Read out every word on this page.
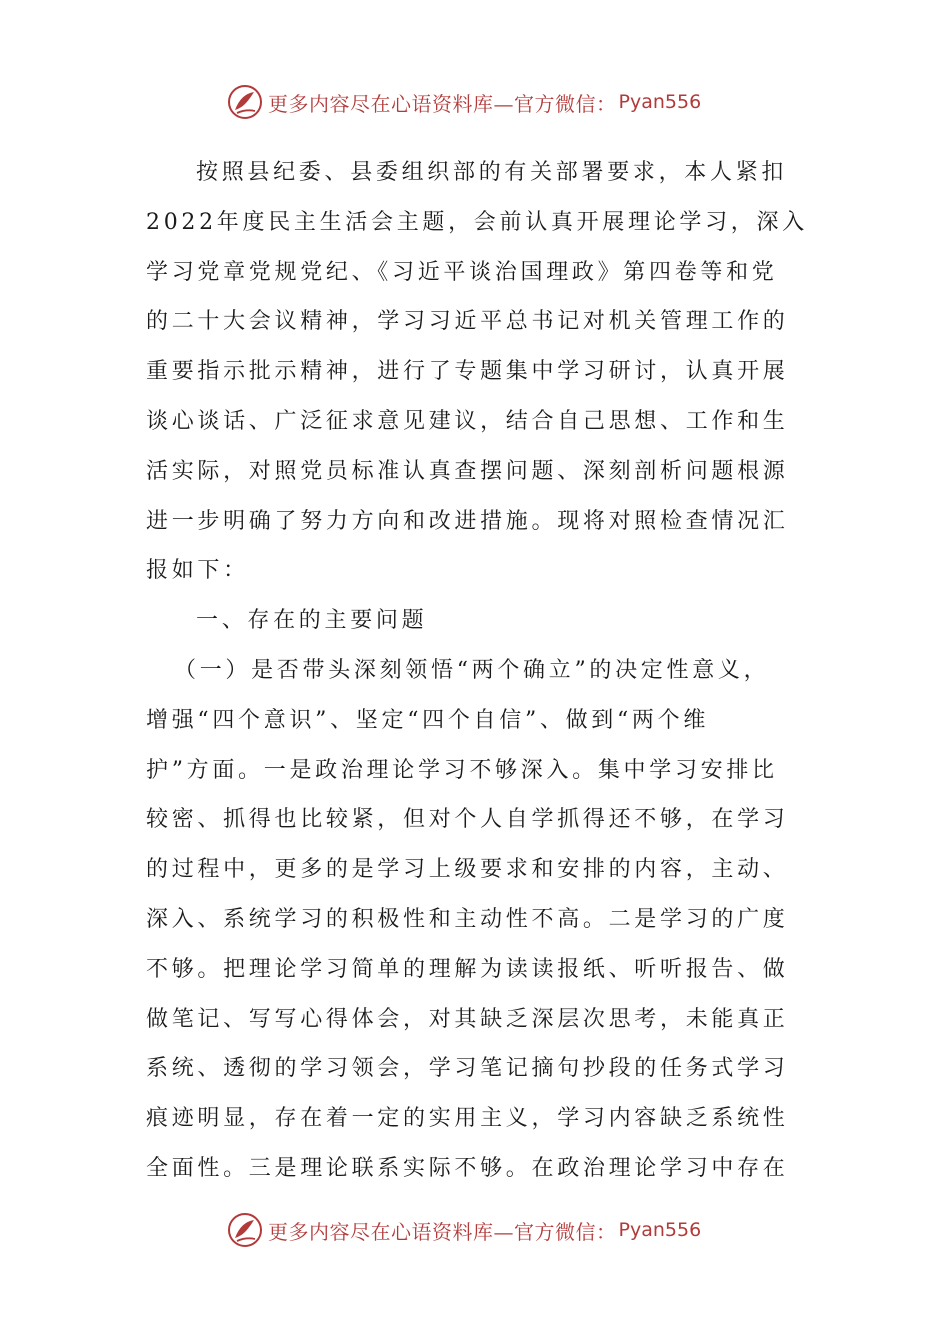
更多内容尽在心语资料库—官方微信： Pyan556
按照县纪委、县委组织部的有关部署要求，本人紧扣
2022年度民主生活会主题，会前认真开展理论学习，深入
学习党章党规党纪、《习近平谈治国理政》第四卷等和党
的二十大会议精神，学习习近平总书记对机关管理工作的
重要指示批示精神，进行了专题集中学习研讨，认真开展
谈心谈话、广泛征求意见建议，结合自己思想、工作和生
活实际，对照党员标准认真查摆问题、深刻剖析问题根源
进一步明确了努力方向和改进措施。现将对照检查情况汇
报如下：
一、存在的主要问题
（一）是否带头深刻领悟“两个确立”的决定性意义，
增强“四个意识”、坚定“四个自信”、做到“两个维
护”方面。一是政治理论学习不够深入。集中学习安排比
较密、抓得也比较紧，但对个人自学抓得还不够，在学习
的过程中，更多的是学习上级要求和安排的内容，主动、
深入、系统学习的积极性和主动性不高。二是学习的广度
不够。把理论学习简单的理解为读读报纸、听听报告、做
做笔记、写写心得体会，对其缺乏深层次思考，未能真正
系统、透彻的学习领会，学习笔记摘句抄段的任务式学习
痕迹明显，存在着一定的实用主义，学习内容缺乏系统性
全面性。三是理论联系实际不够。在政治理论学习中存在
更多内容尽在心语资料库—官方微信： Pyan556
